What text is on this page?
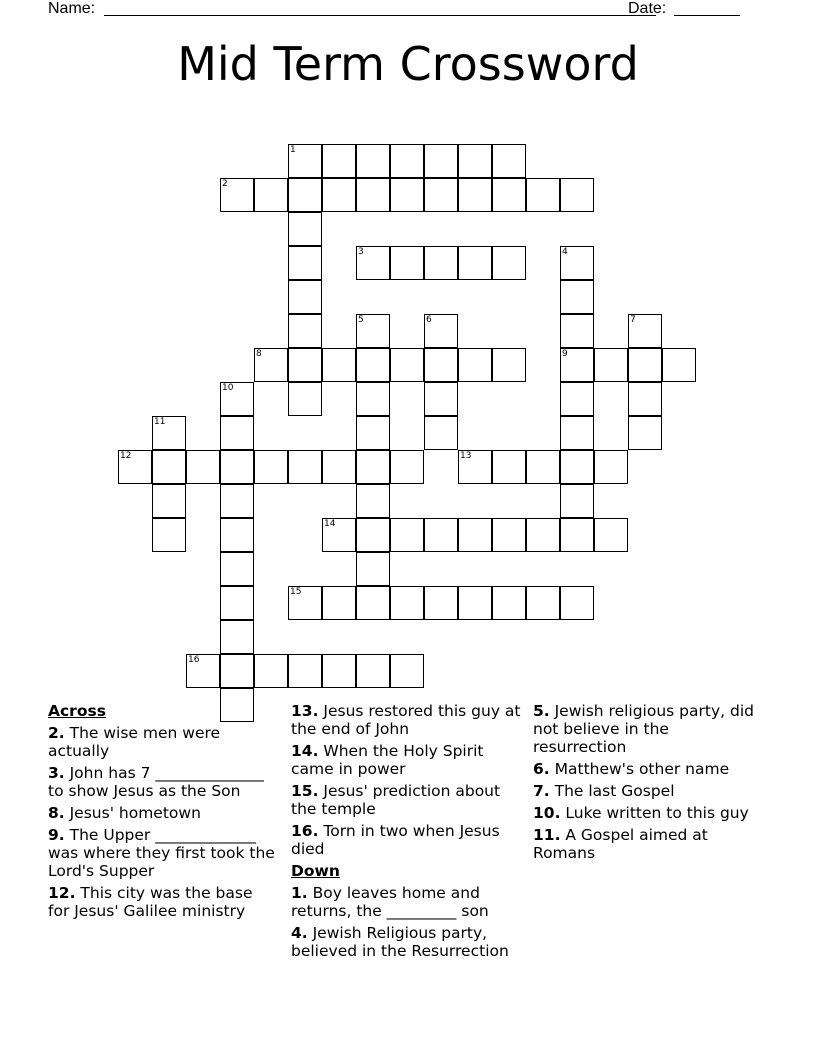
Name:	Date:
Mid Term Crossword
1
2
3	4
5	6	7
8	9
10
11
12	13
14
15
16
Across
2. The wise men were actually
3. John has 7 ______________ to show Jesus as the Son
8. Jesus' hometown
9. The Upper _____________ was where they first took the Lord's Supper
12. This city was the base for Jesus' Galilee ministry
13. Jesus restored this guy at the end of John
14. When the Holy Spirit came in power
15. Jesus' prediction about the temple
16. Torn in two when Jesus died
Down
1. Boy leaves home and returns, the _________ son
4. Jewish Religious party, believed in the Resurrection
5. Jewish religious party, did not believe in the resurrection
6. Matthew's other name
7. The last Gospel
10. Luke written to this guy
11. A Gospel aimed at Romans
